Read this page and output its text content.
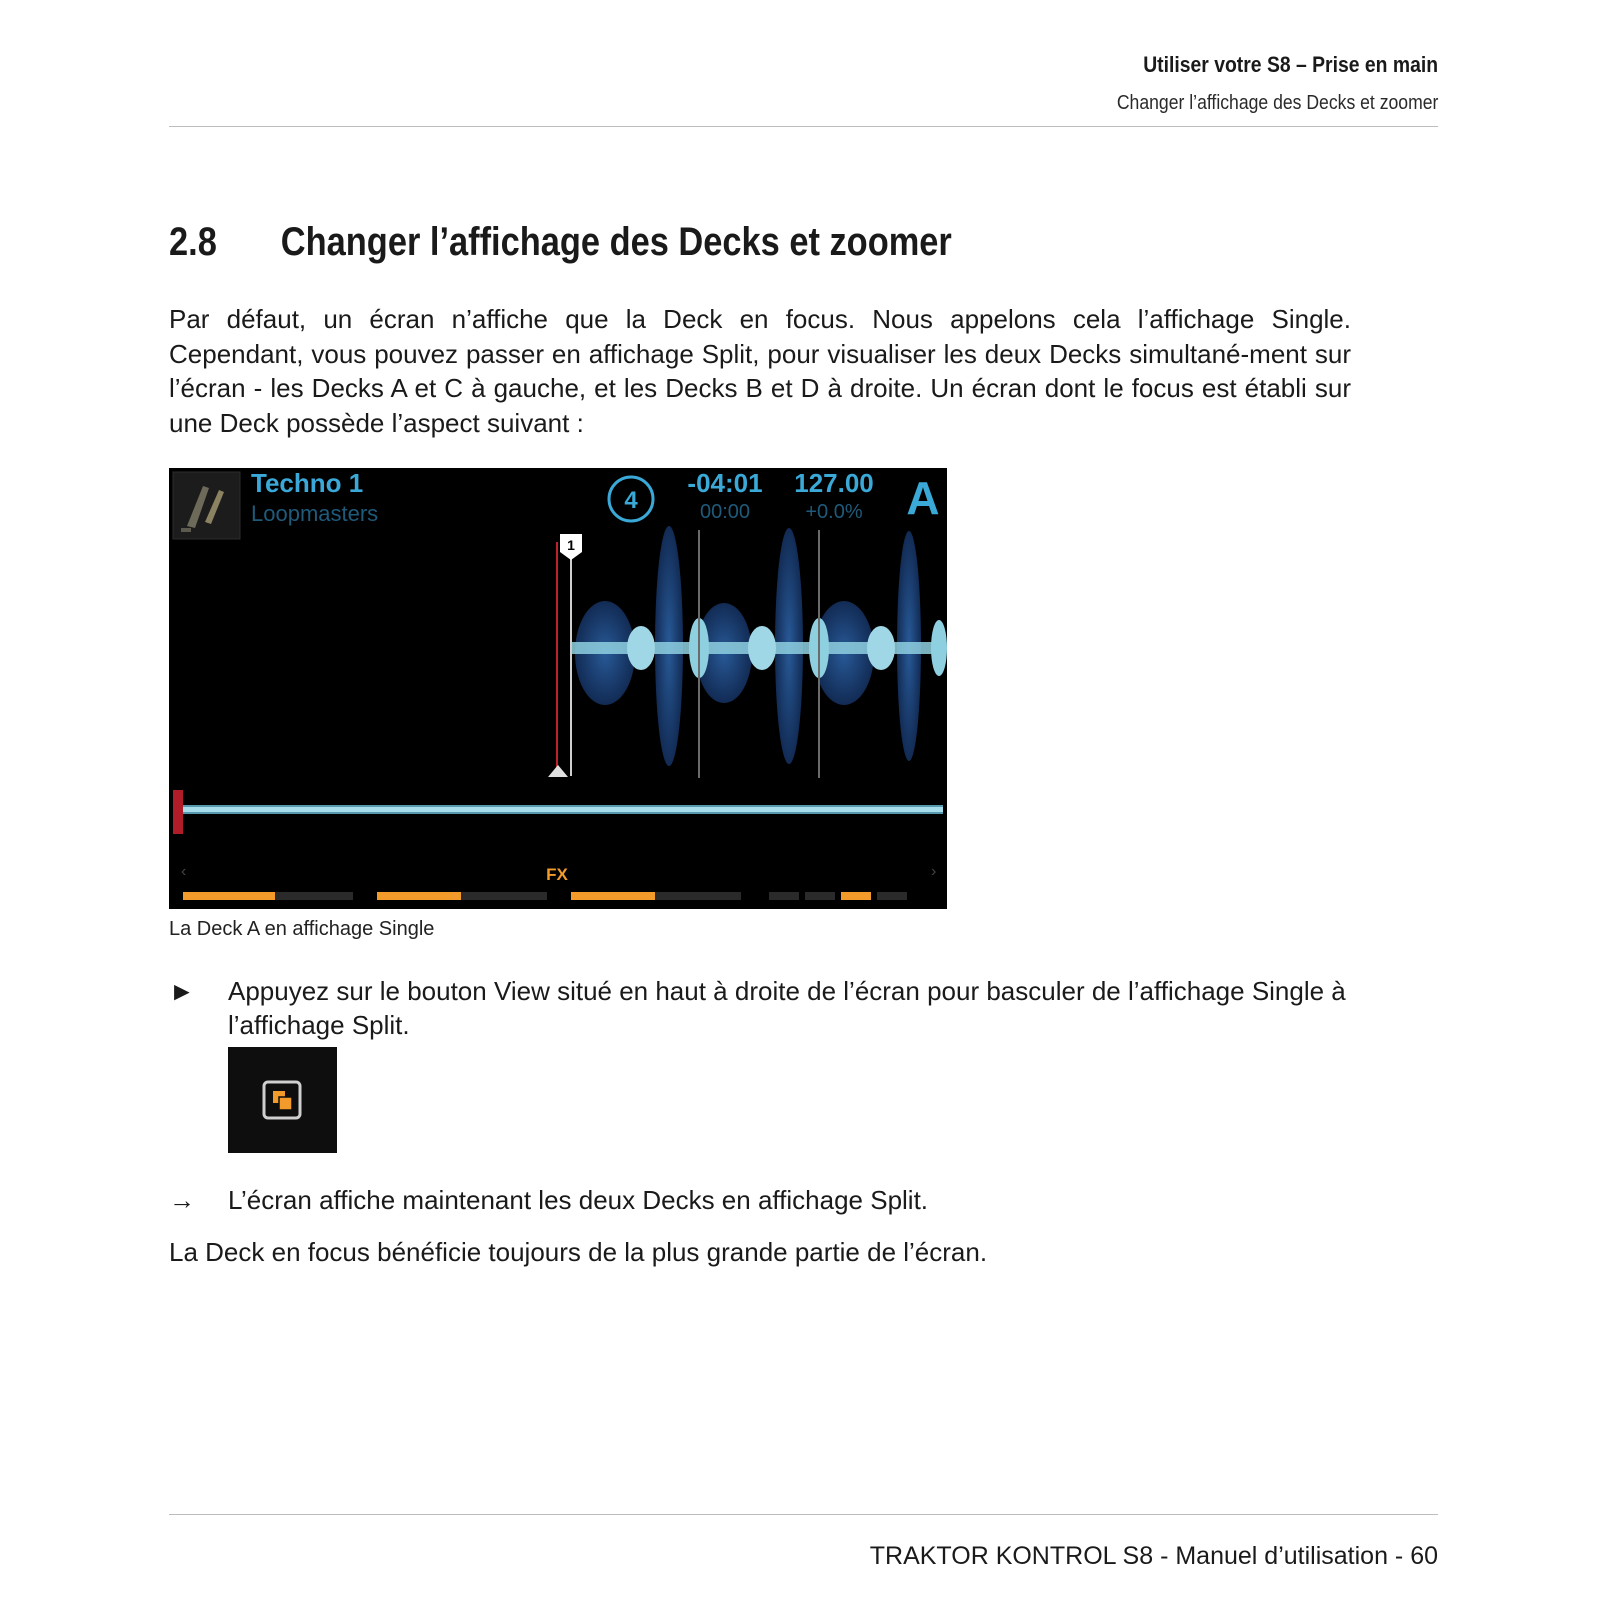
Utiliser votre S8 – Prise en main
Changer l’affichage des Decks et zoomer
2.8 Changer l’affichage des Decks et zoomer
Par défaut, un écran n’affiche que la Deck en focus. Nous appelons cela l’affichage Single. Cependant, vous pouvez passer en affichage Split, pour visualiser les deux Decks simultané-ment sur l’écran - les Decks A et C à gauche, et les Decks B et D à droite. Un écran dont le focus est établi sur une Deck possède l’aspect suivant :
Techno 1
Loopmasters	4
-04:01
00:00
127.00
+0.0% A
1
FX
‹	›
La Deck A en affichage Single
►	Appuyez sur le bouton View situé en haut à droite de l’écran pour basculer de l’affichage Single à l’affichage Split.
→	L’écran affiche maintenant les deux Decks en affichage Split.
La Deck en focus bénéficie toujours de la plus grande partie de l’écran.
TRAKTOR KONTROL S8 - Manuel d’utilisation - 60
